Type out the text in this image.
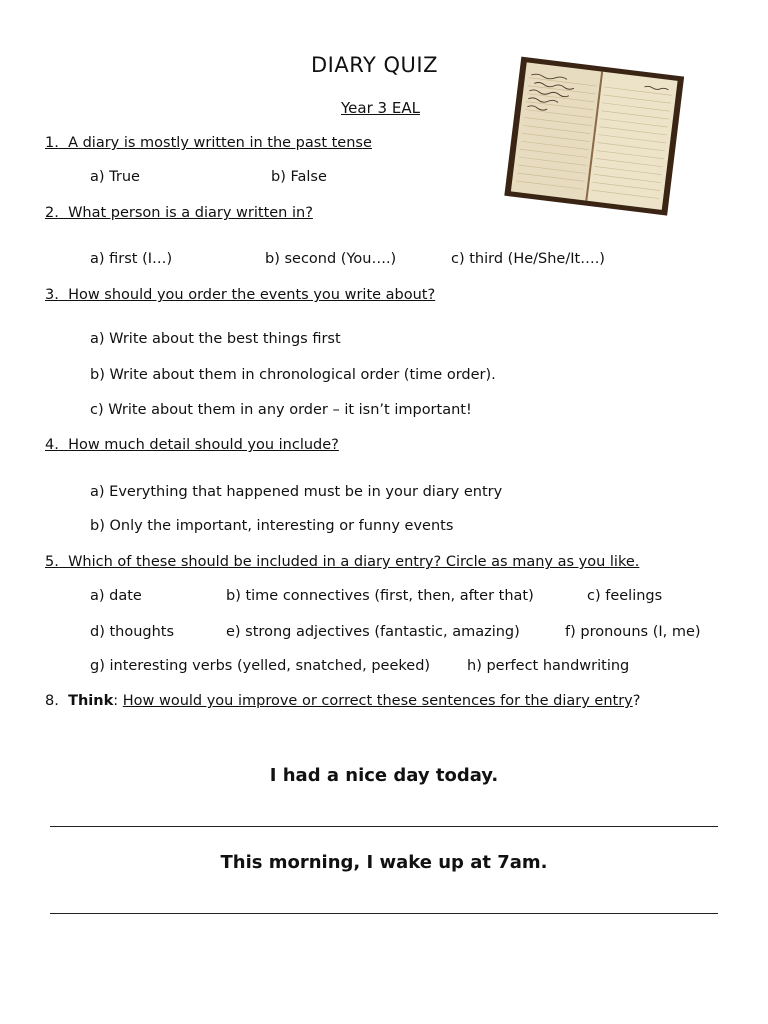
DIARY QUIZ
Year 3 EAL
1. A diary is mostly written in the past tense
a) True	b) False
2. What person is a diary written in?
a) first (I…)	b) second (You….)	c) third (He/She/It….)
3. How should you order the events you write about?
a) Write about the best things first
b) Write about them in chronological order (time order).
c) Write about them in any order – it isn’t important!
4. How much detail should you include?
a) Everything that happened must be in your diary entry
b) Only the important, interesting or funny events
5. Which of these should be included in a diary entry? Circle as many as you like.
a) date	b) time connectives (first, then, after that)	c) feelings
d) thoughts	e) strong adjectives (fantastic, amazing)	f) pronouns (I, me)
g) interesting verbs (yelled, snatched, peeked)	h) perfect handwriting
8. Think: How would you improve or correct these sentences for the diary entry?
I had a nice day today.
This morning, I wake up at 7am.
